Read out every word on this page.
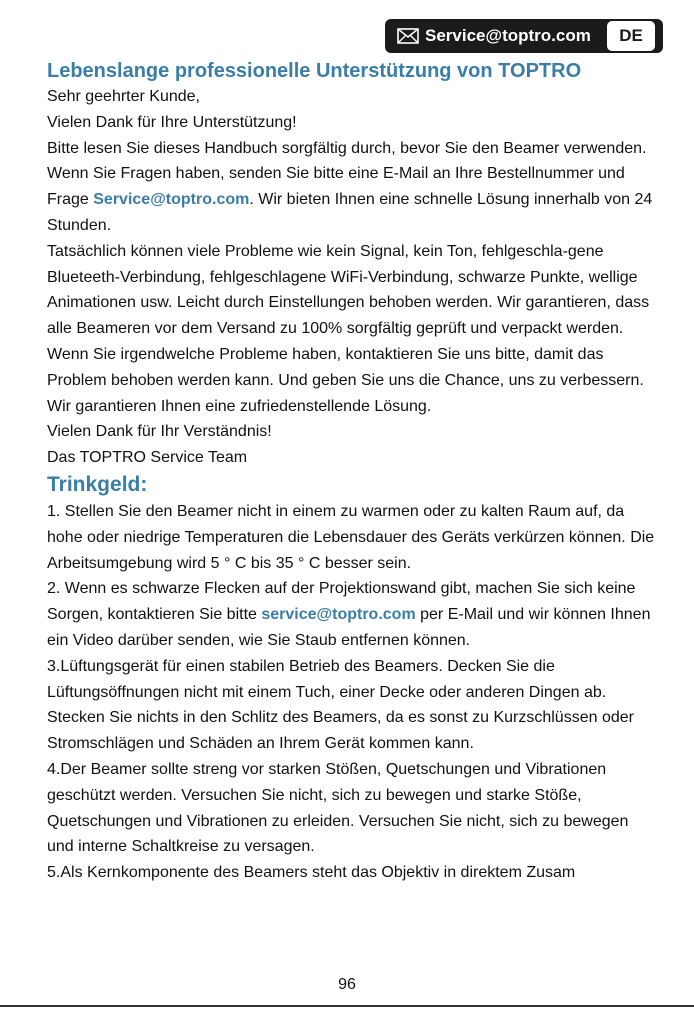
Service@toptro.com	DE
Lebenslange professionelle Unterstützung von TOPTRO
Sehr geehrter Kunde,
Vielen Dank für Ihre Unterstützung!
Bitte lesen Sie dieses Handbuch sorgfältig durch, bevor Sie den Beamer verwenden. Wenn Sie Fragen haben, senden Sie bitte eine E-Mail an Ihre Bestellnummer und Frage Service@toptro.com. Wir bieten Ihnen eine schnelle Lösung innerhalb von 24 Stunden.
Tatsächlich können viele Probleme wie kein Signal, kein Ton, fehlgeschla-gene Blueteeth-Verbindung, fehlgeschlagene WiFi-Verbindung, schwarze Punkte, wellige Animationen usw. Leicht durch Einstellungen behoben werden. Wir garantieren, dass alle Beameren vor dem Versand zu 100% sorgfältig geprüft und verpackt werden.
Wenn Sie irgendwelche Probleme haben, kontaktieren Sie uns bitte, damit das Problem behoben werden kann. Und geben Sie uns die Chance, uns zu verbessern. Wir garantieren Ihnen eine zufriedenstellende Lösung.
Vielen Dank für Ihr Verständnis!
Das TOPTRO Service Team
Trinkgeld:
1. Stellen Sie den Beamer nicht in einem zu warmen oder zu kalten Raum auf, da hohe oder niedrige Temperaturen die Lebensdauer des Geräts verkürzen können. Die Arbeitsumgebung wird 5 ° C bis 35 ° C besser sein.
2. Wenn es schwarze Flecken auf der Projektionswand gibt, machen Sie sich keine Sorgen, kontaktieren Sie bitte service@toptro.com per E-Mail und wir können Ihnen ein Video darüber senden, wie Sie Staub entfernen können.
3.Lüftungsgerät für einen stabilen Betrieb des Beamers. Decken Sie die Lüftungsöffnungen nicht mit einem Tuch, einer Decke oder anderen Dingen ab. Stecken Sie nichts in den Schlitz des Beamers, da es sonst zu Kurzschlüssen oder Stromschlägen und Schäden an Ihrem Gerät kommen kann.
4.Der Beamer sollte streng vor starken Stößen, Quetschungen und Vibrationen geschützt werden. Versuchen Sie nicht, sich zu bewegen und starke Stöße, Quetschungen und Vibrationen zu erleiden. Versuchen Sie nicht, sich zu bewegen und interne Schaltkreise zu versagen.
5.Als Kernkomponente des Beamers steht das Objektiv in direktem Zusam
96
